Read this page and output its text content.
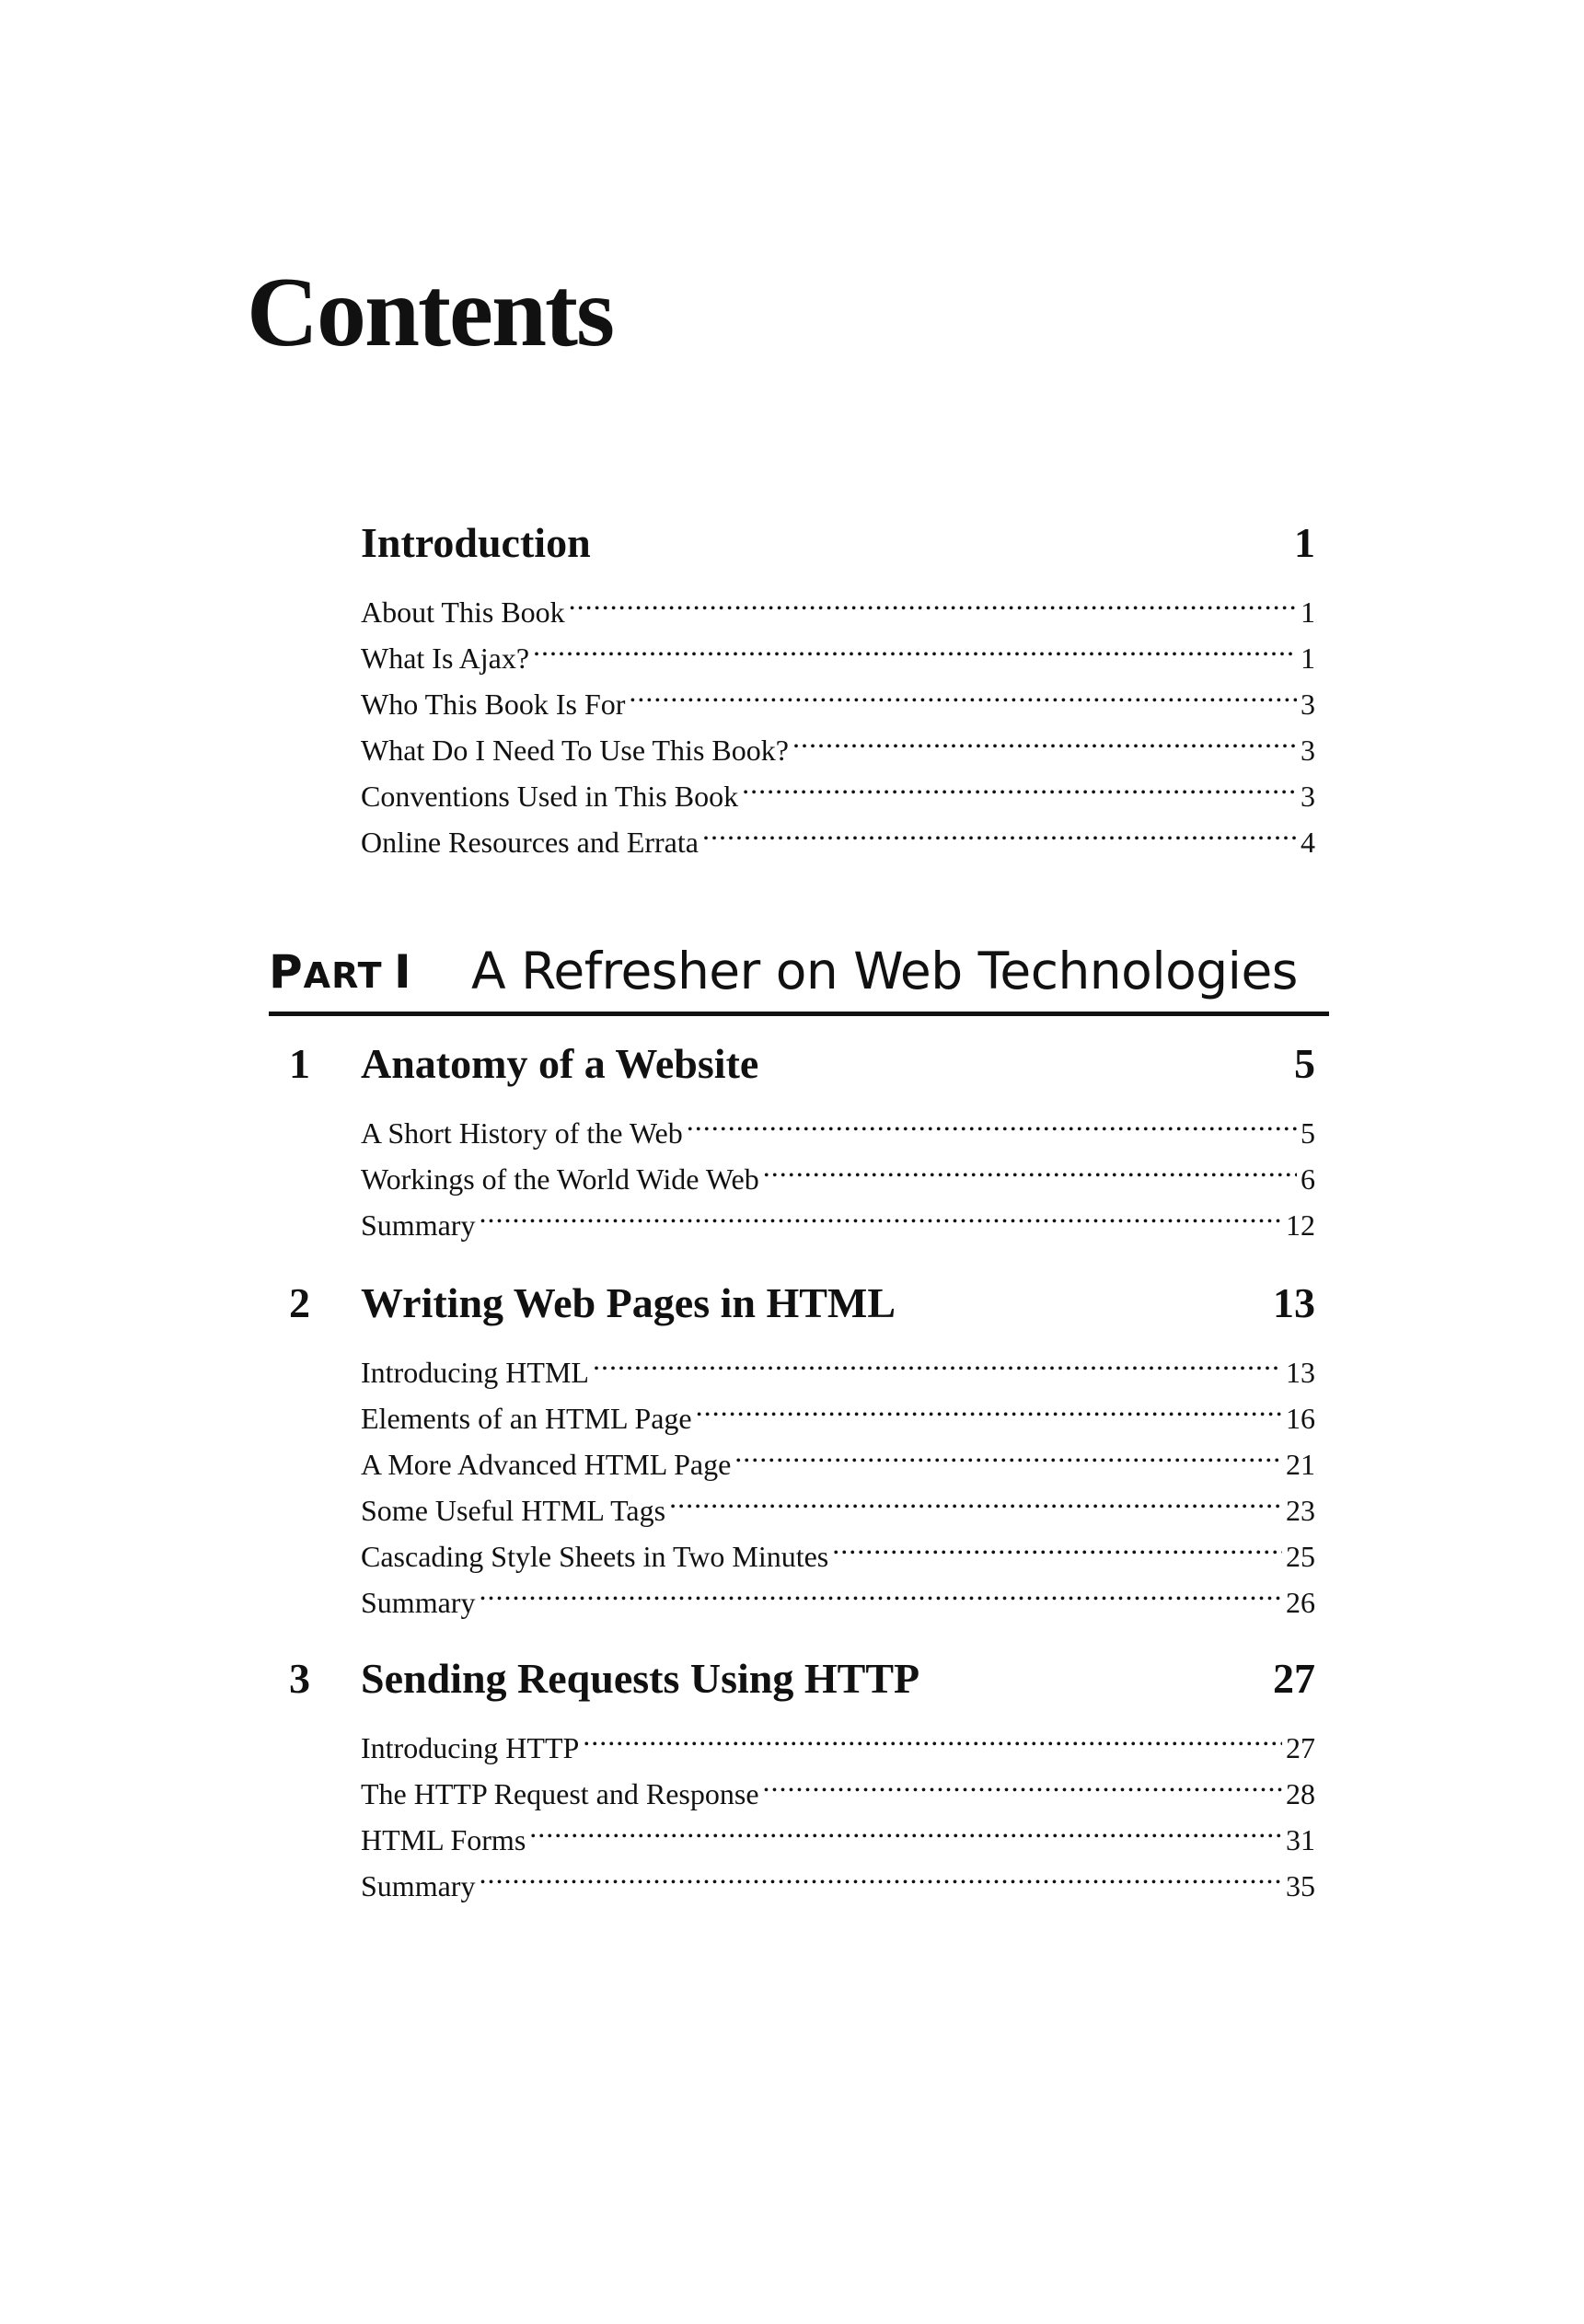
Contents
Introduction	1
About This Book .....	1
What Is Ajax? .....	1
Who This Book Is For .....	3
What Do I Need To Use This Book? .....	3
Conventions Used in This Book .....	3
Online Resources and Errata .....	4
PART I A Refresher on Web Technologies
1	Anatomy of a Website	5
A Short History of the Web .....	5
Workings of the World Wide Web .....	6
Summary .....	12
2	Writing Web Pages in HTML	13
Introducing HTML .....	13
Elements of an HTML Page .....	16
A More Advanced HTML Page .....	21
Some Useful HTML Tags .....	23
Cascading Style Sheets in Two Minutes .....	25
Summary .....	26
3	Sending Requests Using HTTP	27
Introducing HTTP .....	27
The HTTP Request and Response .....	28
HTML Forms .....	31
Summary .....	35
